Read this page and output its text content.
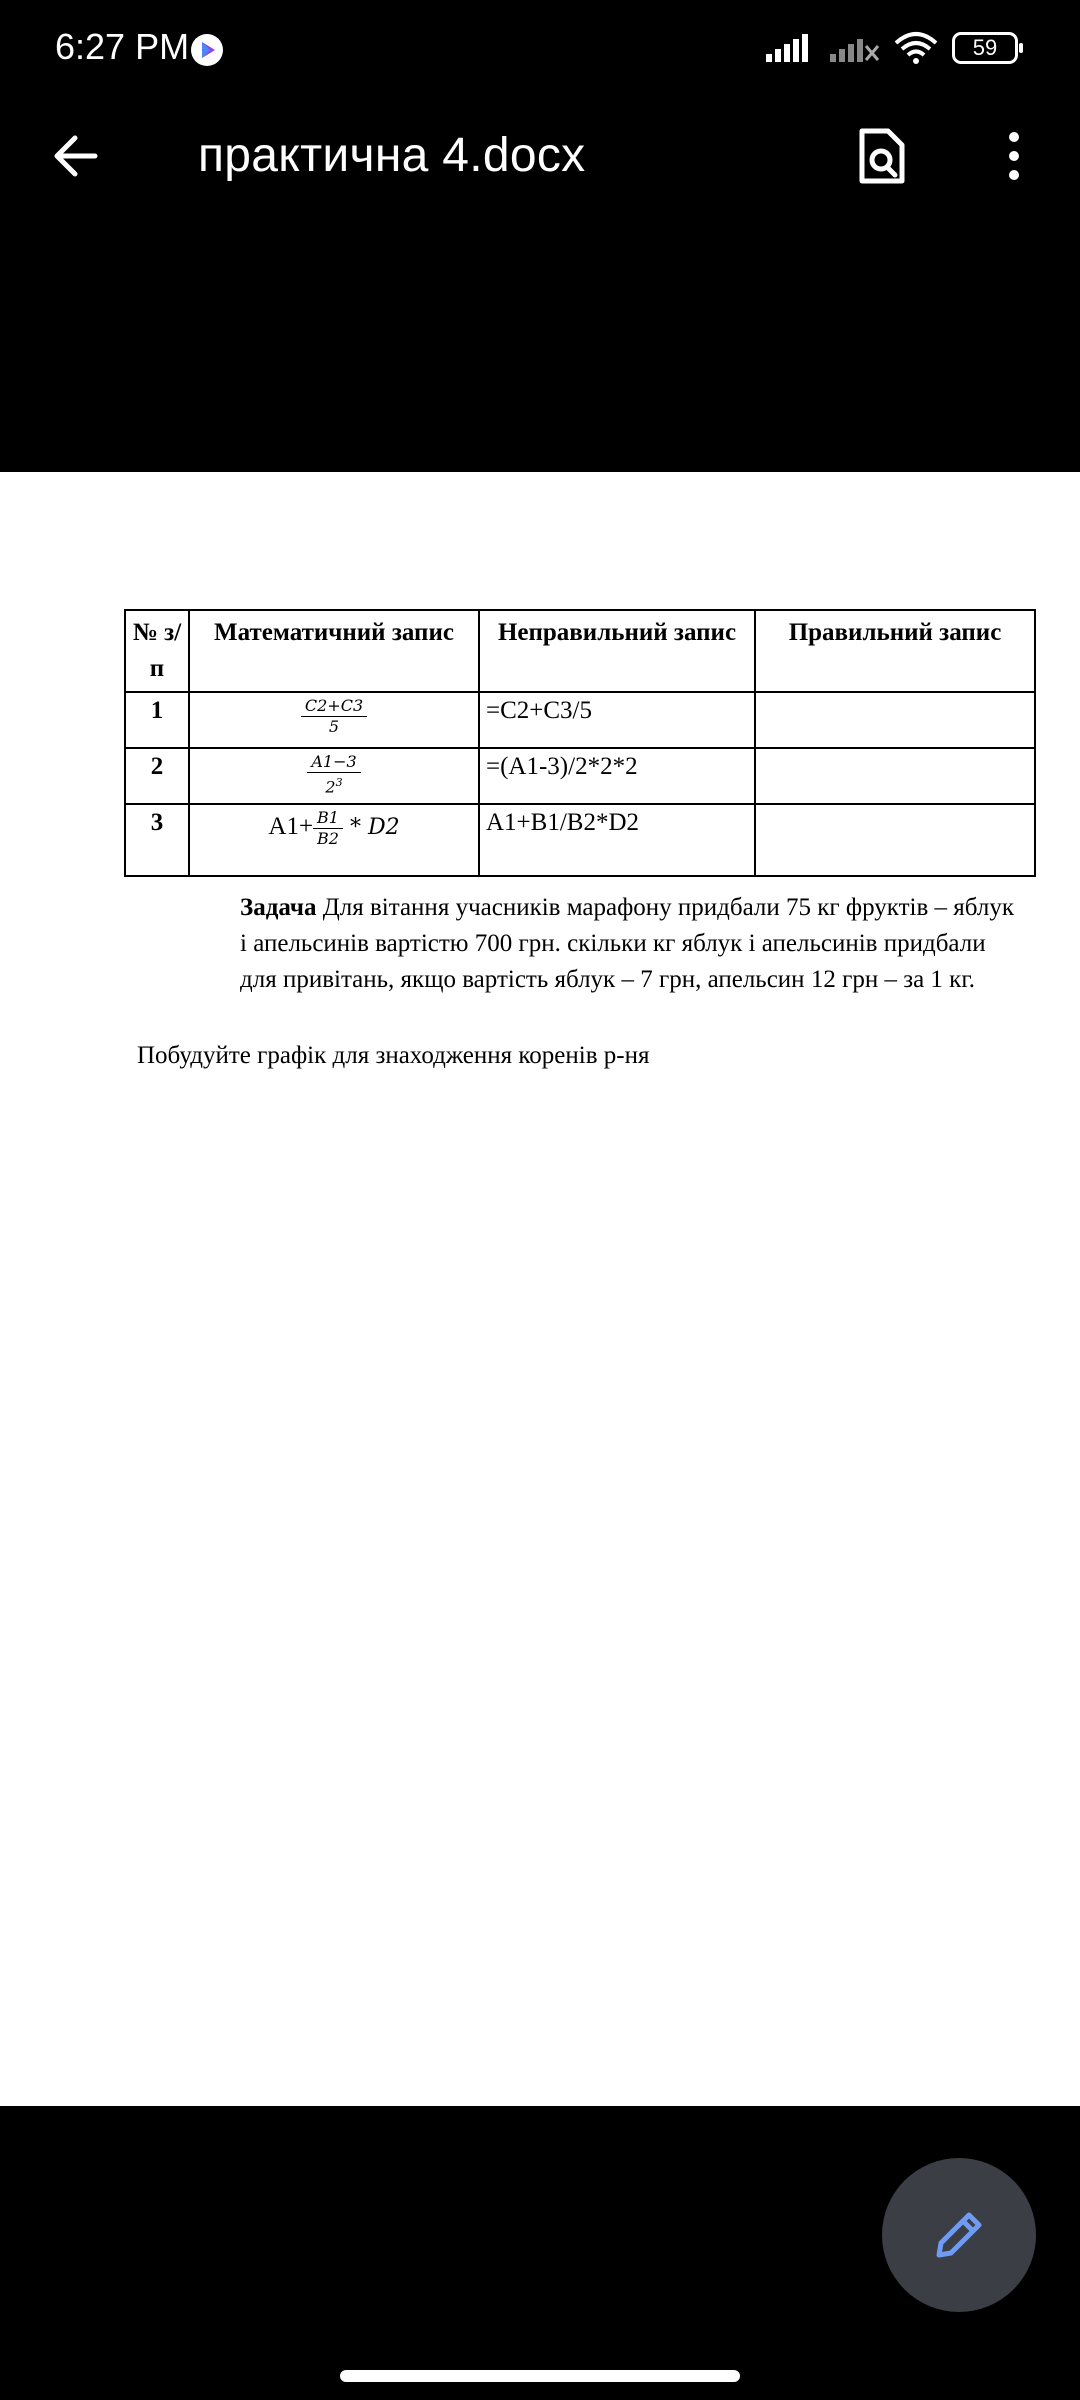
6:27 PM	59
практична 4.docx
№ з/п	Математичний запис	Неправильний запис	Правильний запис
1	$\frac{C2+C3}{5}$	=C2+C3/5	
2	$\frac{A1-3}{2^3}$	=(A1-3)/2*2*2	
3	$A1+ \frac{B1}{B2} * D2$	A1+B1/B2*D2	
Задача Для вітання учасників марафону придбали 75 кг фруктів – яблук і апельсинів вартістю 700 грн. скільки кг яблук і апельсинів придбали для привітань, якщо вартість яблук – 7 грн, апельсин 12 грн – за 1 кг.
Побудуйте графік для знаходження коренів р-ня
